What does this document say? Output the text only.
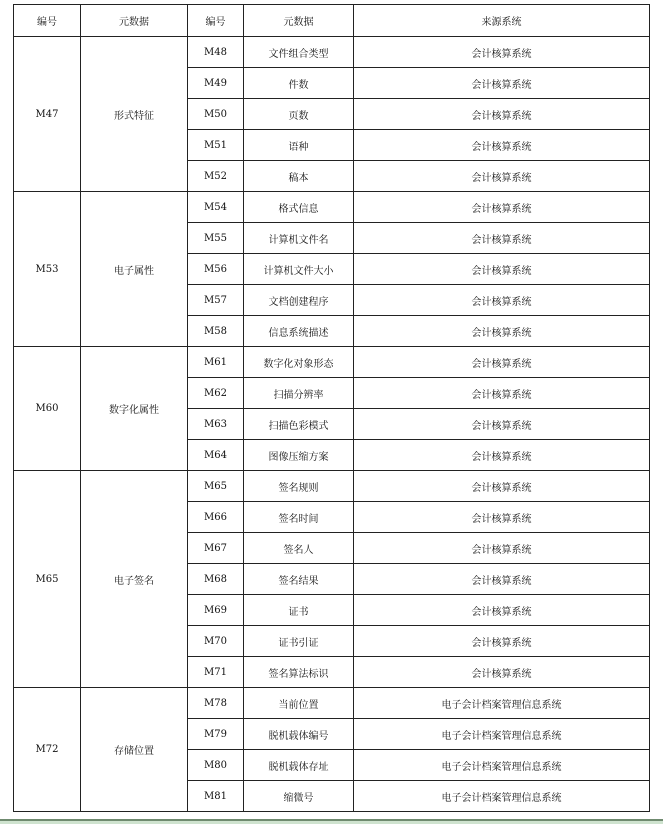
编号	元数据	编号	元数据	来源系统
M47	形式特征	M48	文件组合类型	会计核算系统
		M49	件数	会计核算系统
		M50	页数	会计核算系统
		M51	语种	会计核算系统
		M52	稿本	会计核算系统
M53	电子属性	M54	格式信息	会计核算系统
		M55	计算机文件名	会计核算系统
		M56	计算机文件大小	会计核算系统
		M57	文档创建程序	会计核算系统
		M58	信息系统描述	会计核算系统
M60	数字化属性	M61	数字化对象形态	会计核算系统
		M62	扫描分辨率	会计核算系统
		M63	扫描色彩模式	会计核算系统
		M64	图像压缩方案	会计核算系统
M65	电子签名	M65	签名规则	会计核算系统
		M66	签名时间	会计核算系统
		M67	签名人	会计核算系统
		M68	签名结果	会计核算系统
		M69	证书	会计核算系统
		M70	证书引证	会计核算系统
		M71	签名算法标识	会计核算系统
M72	存储位置	M78	当前位置	电子会计档案管理信息系统
		M79	脱机载体编号	电子会计档案管理信息系统
		M80	脱机载体存址	电子会计档案管理信息系统
		M81	缩微号	电子会计档案管理信息系统
